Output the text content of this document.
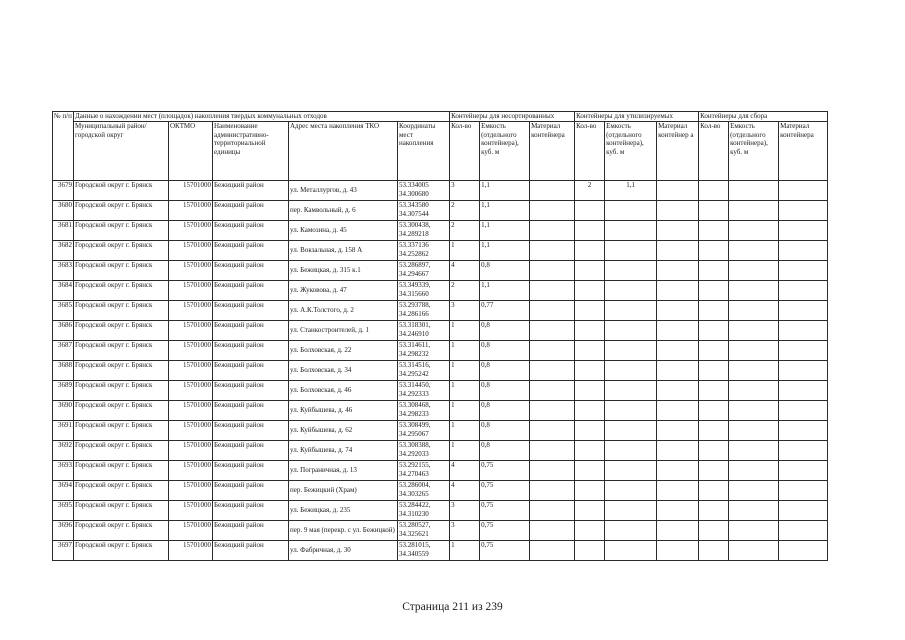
№ п/п	Данные о нахождении мест (площадок) накопления твердых коммунальных отходов					Контейнеры для несортированных			Контейнеры для утилизируемых			Контейнеры для сбора		
	Муниципальный район/городской округ	ОКТМО	Наименование административно-территориальной единицы	Адрес места накопления ТКО	Координаты мест накопления	Кол-во	Емкость (отдельного контейнера), куб. м	Материал контейнера	Кол-во	Емкость (отдельного контейнера), куб. м	Материал контейнер а	Кол-во	Емкость (отдельного контейнера), куб. м	Материал контейнера
3679	Городской округ г. Брянск	15701000	Бежицкий район	ул. Металлургов, д. 43	53.334005 34.300680	3	1,1		2	1,1				
3680	Городской округ г. Брянск	15701000	Бежицкий район	пер. Камвольный, д. 6	53.343580 34.307544	2	1,1							
3681	Городской округ г. Брянск	15701000	Бежицкий район	ул. Камозина, д. 45	53.300438, 34.289218	2	1,1							
3682	Городской округ г. Брянск	15701000	Бежицкий район	ул. Вокзальная, д. 158 А	53.337136 34.252862	1	1,1							
3683	Городской округ г. Брянск	15701000	Бежицкий район	ул. Бежицкая, д. 315 к.1	53.286897, 34.294667	4	0,8							
3684	Городской округ г. Брянск	15701000	Бежицкий район	ул. Жуковова, д. 47	53.349339, 34.315660	2	1,1							
3685	Городской округ г. Брянск	15701000	Бежицкий район	ул. А.К.Толстого, д. 2	53.293788, 34.286166	3	0,77							
3686	Городской округ г. Брянск	15701000	Бежицкий район	ул. Станкостроителей, д. 1	53.318301, 34.246910	1	0,8							
3687	Городской округ г. Брянск	15701000	Бежицкий район	ул. Болховская, д. 22	53.314611, 34.298232	1	0,8							
3688	Городской округ г. Брянск	15701000	Бежицкий район	ул. Болховская, д. 34	53.314516, 34.295242	1	0,8							
3689	Городской округ г. Брянск	15701000	Бежицкий район	ул. Болховская, д. 46	53.314450, 34.292333	1	0,8							
3690	Городской округ г. Брянск	15701000	Бежицкий район	ул. Куйбышева, д. 46	53.308468, 34.298233	1	0,8							
3691	Городской округ г. Брянск	15701000	Бежицкий район	ул. Куйбышева, д. 62	53.308499, 34.295067	1	0,8							
3692	Городской округ г. Брянск	15701000	Бежицкий район	ул. Куйбышева, д. 74	53.308388, 34.292033	1	0,8							
3693	Городской округ г. Брянск	15701000	Бежицкий район	ул. Пограничная, д. 13	53.292155, 34.270463	4	0,75							
3694	Городской округ г. Брянск	15701000	Бежицкий район	пер. Бежицкий (Храм)	53.286004, 34.303265	4	0,75							
3695	Городской округ г. Брянск	15701000	Бежицкий район	ул. Бежицкая, д. 235	53.284422, 34.310230	3	0,75							
3696	Городской округ г. Брянск	15701000	Бежицкий район	пер. 9 мая (перекр. с ул. Бежицкой)	53.280527, 34.325621	3	0,75							
3697	Городской округ г. Брянск	15701000	Бежицкий район	ул. Фабричная, д. 30	53.281015, 34.340559	1	0,75							
Страница 211 из 239
